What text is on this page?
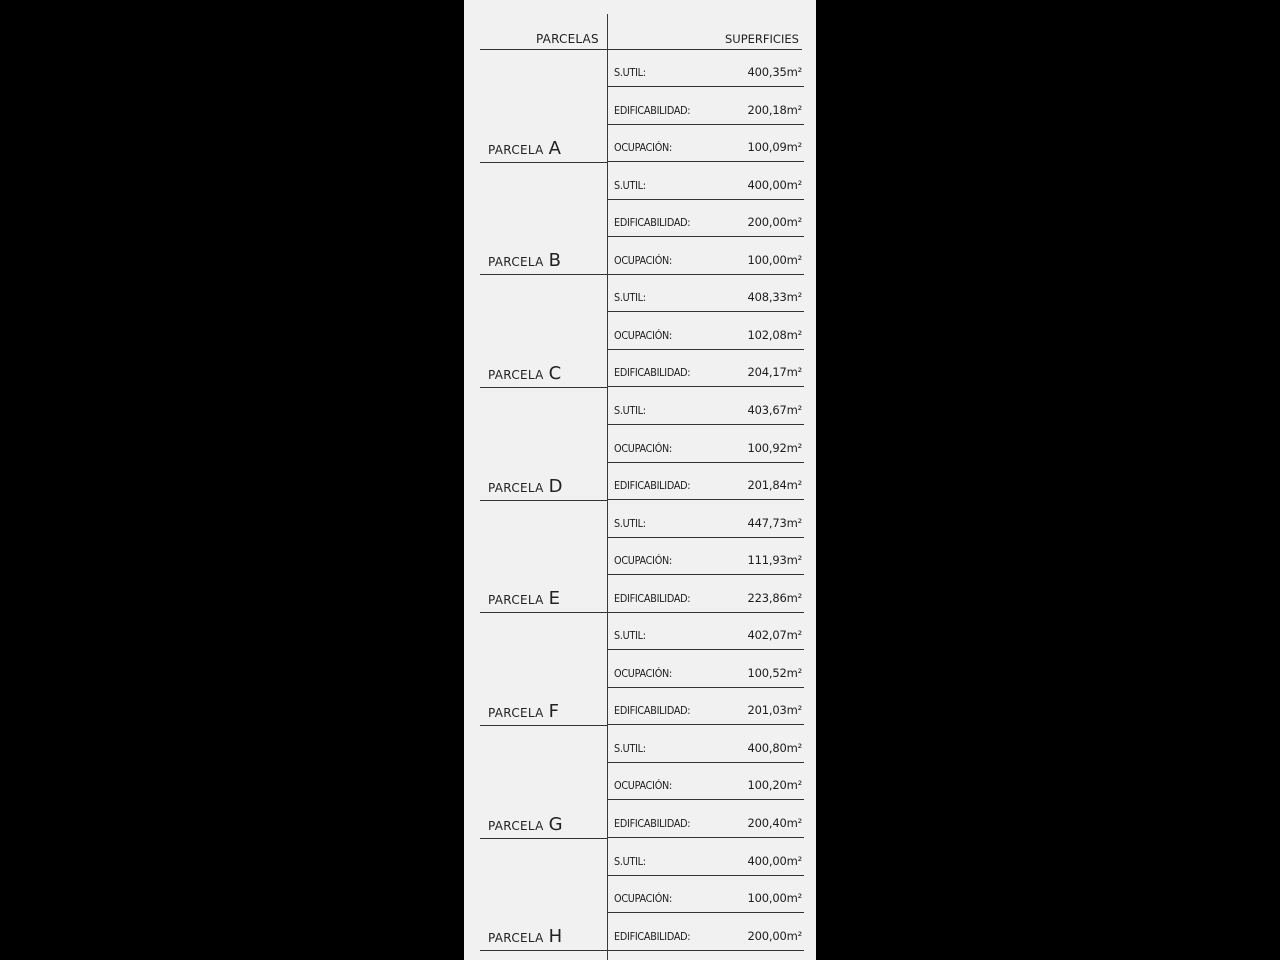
PARCELAS	SUPERFICIES
S.UTIL:	400,35m²
EDIFICABILIDAD:	200,18m²
OCUPACIÓN:	100,09m²
PARCELA A
S.UTIL:	400,00m²
EDIFICABILIDAD:	200,00m²
OCUPACIÓN:	100,00m²
PARCELA B
S.UTIL:	408,33m²
OCUPACIÓN:	102,08m²
EDIFICABILIDAD:	204,17m²
PARCELA C
S.UTIL:	403,67m²
OCUPACIÓN:	100,92m²
EDIFICABILIDAD:	201,84m²
PARCELA D
S.UTIL:	447,73m²
OCUPACIÓN:	111,93m²
EDIFICABILIDAD:	223,86m²
PARCELA E
S.UTIL:	402,07m²
OCUPACIÓN:	100,52m²
EDIFICABILIDAD:	201,03m²
PARCELA F
S.UTIL:	400,80m²
OCUPACIÓN:	100,20m²
EDIFICABILIDAD:	200,40m²
PARCELA G
S.UTIL:	400,00m²
OCUPACIÓN:	100,00m²
EDIFICABILIDAD:	200,00m²
PARCELA H
